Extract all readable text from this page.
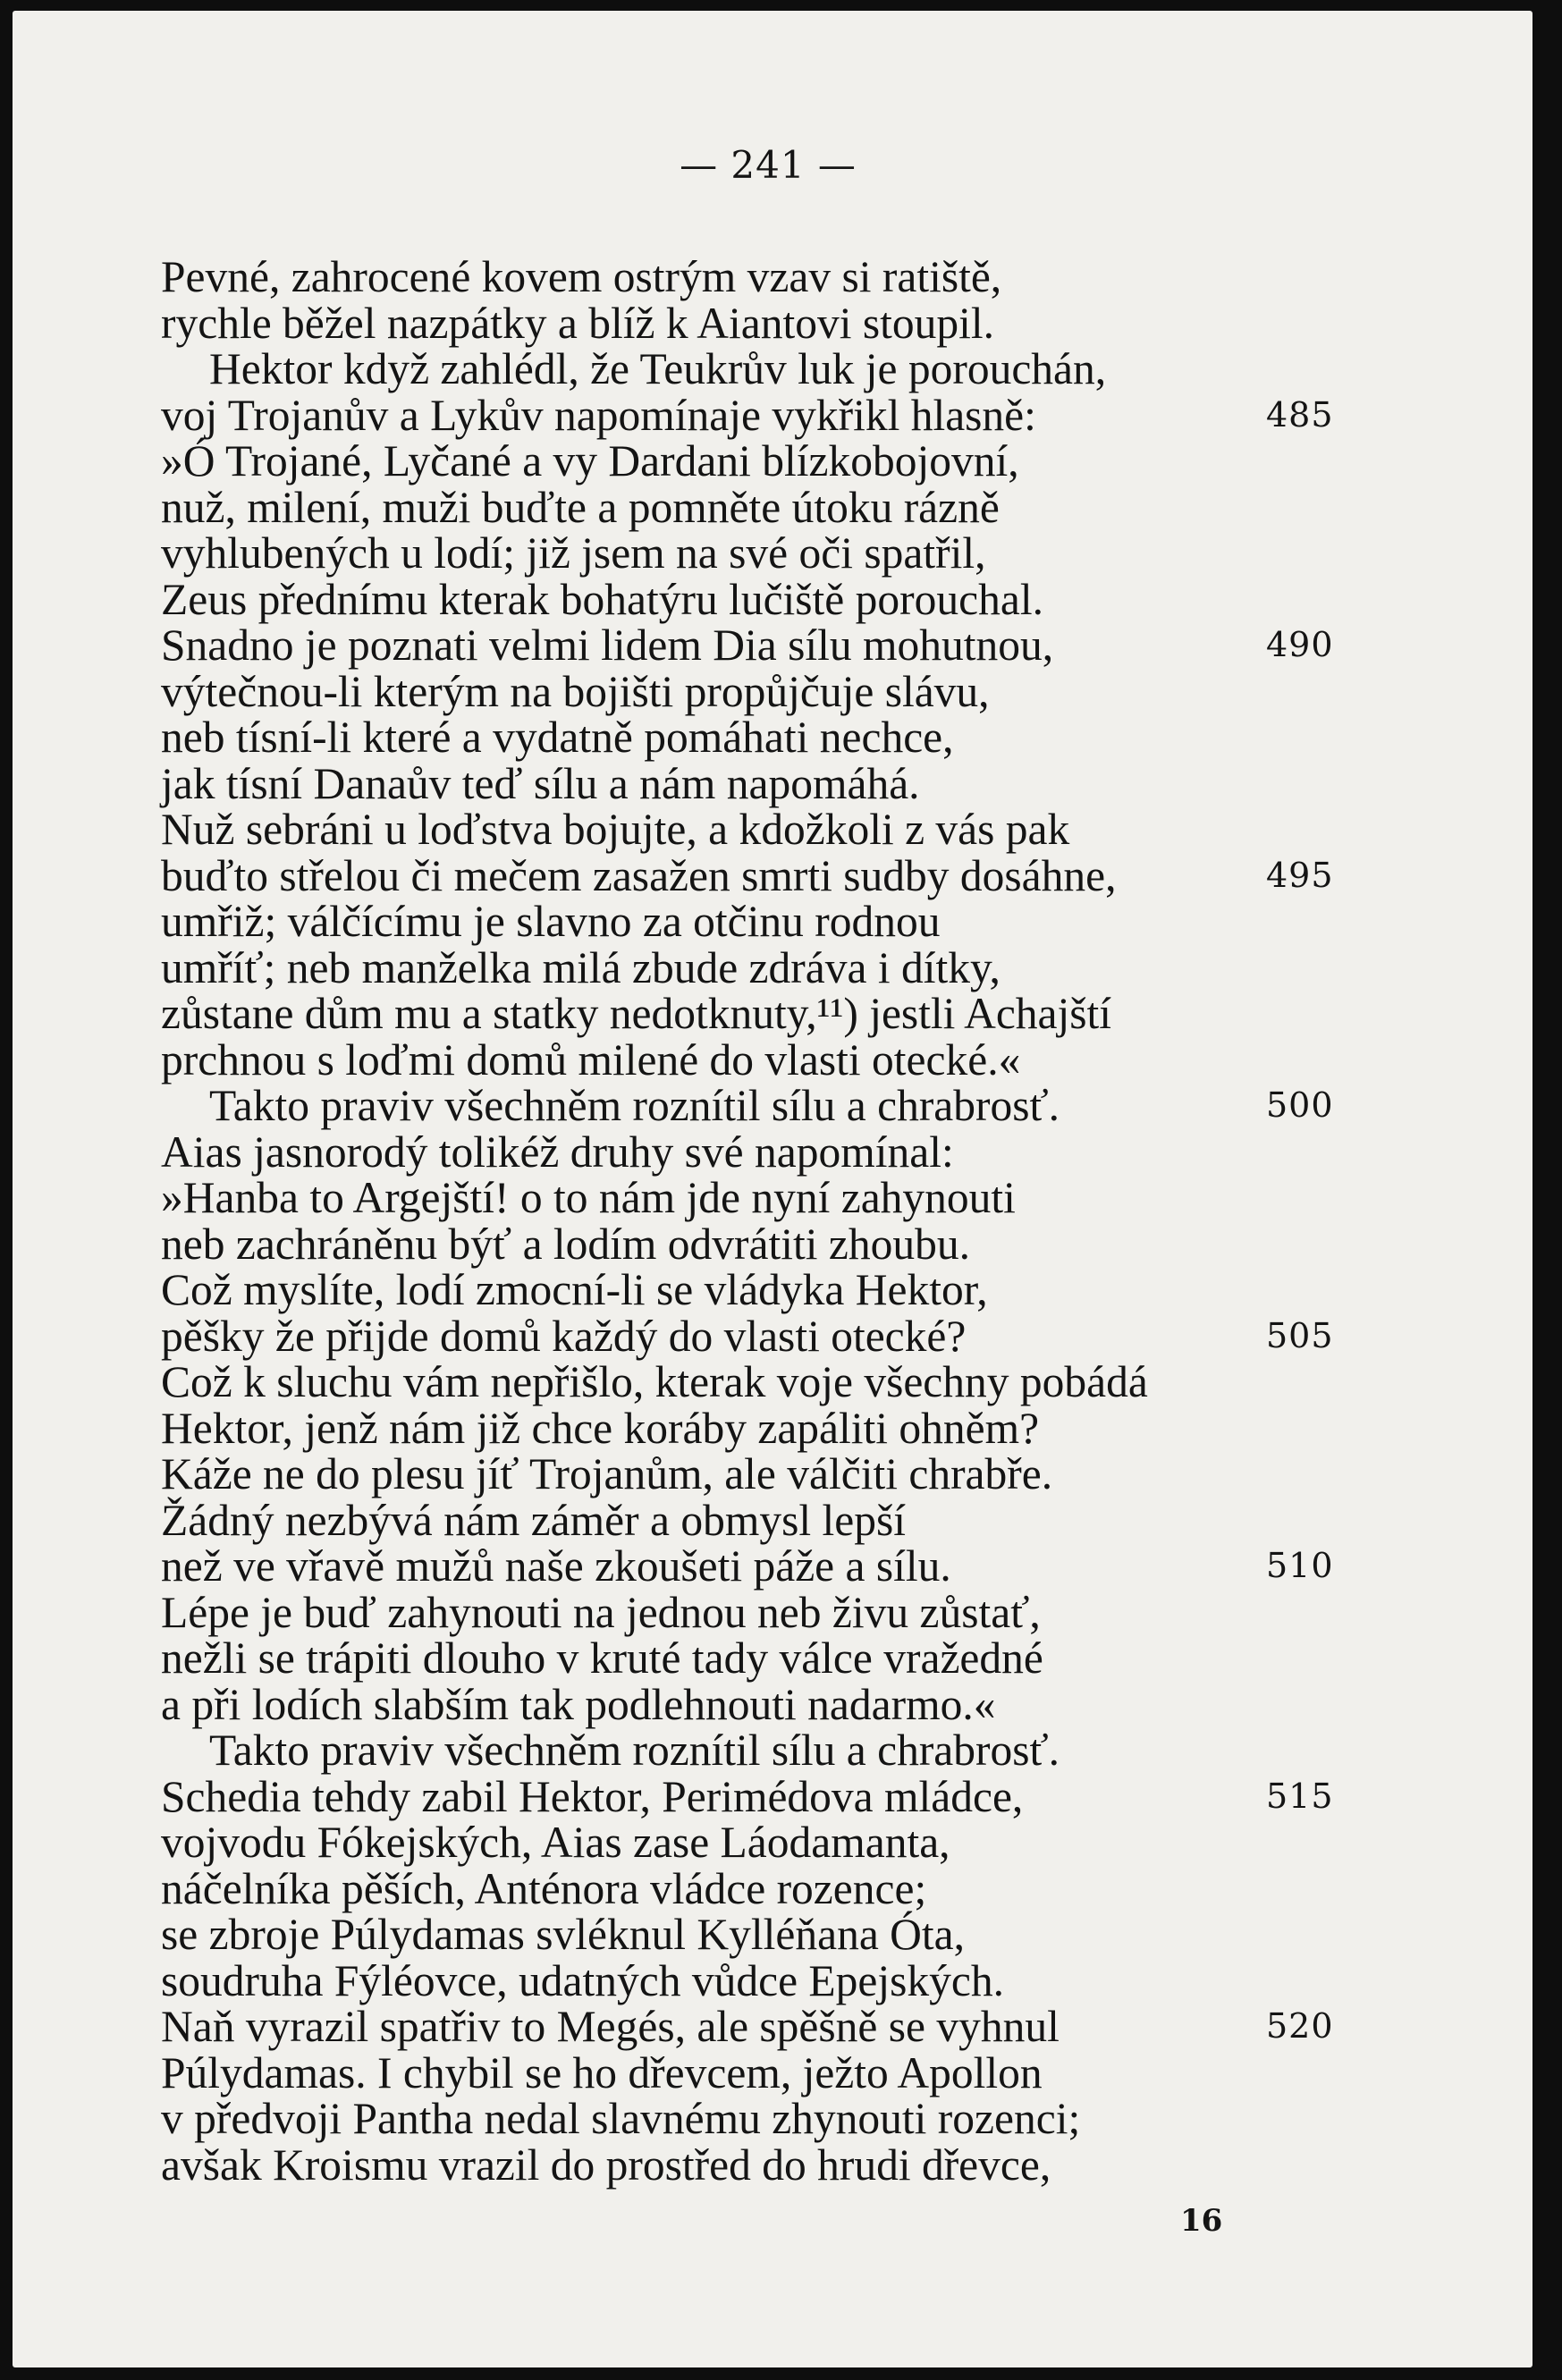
— 241 —
Pevné, zahrocené kovem ostrým vzav si ratiště,
rychle běžel nazpátky a blíž k Aiantovi stoupil.
Hektor když zahlédl, že Teukrův luk je porouchán,
voj Trojanův a Lykův napomínaje vykřikl hlasně:	485
»Ó Trojané, Lyčané a vy Dardani blízkobojovní,
nuž, milení, muži buďte a pomněte útoku rázně
vyhlubených u lodí; již jsem na své oči spatřil,
Zeus přednímu kterak bohatýru lučiště porouchal.
Snadno je poznati velmi lidem Dia sílu mohutnou,	490
výtečnou-li kterým na bojišti propůjčuje slávu,
neb tísní-li které a vydatně pomáhati nechce,
jak tísní Danaův teď sílu a nám napomáhá.
Nuž sebráni u loďstva bojujte, a kdožkoli z vás pak
buďto střelou či mečem zasažen smrti sudby dosáhne,	495
umřiž; válčícímu je slavno za otčinu rodnou
umříť; neb manželka milá zbude zdráva i dítky,
zůstane dům mu a statky nedotknuty,¹¹) jestli Achajští
prchnou s loďmi domů milené do vlasti otecké.«
Takto praviv všechněm roznítil sílu a chrabrosť.	500
Aias jasnorodý tolikéž druhy své napomínal:
»Hanba to Argejští! o to nám jde nyní zahynouti
neb zachráněnu býť a lodím odvrátiti zhoubu.
Což myslíte, lodí zmocní-li se vládyka Hektor,
pěšky že přijde domů každý do vlasti otecké?	505
Což k sluchu vám nepřišlo, kterak voje všechny pobádá
Hektor, jenž nám již chce koráby zapáliti ohněm?
Káže ne do plesu jíť Trojanům, ale válčiti chrabře.
Žádný nezbývá nám záměr a obmysl lepší
než ve vřavě mužů naše zkoušeti páže a sílu.	510
Lépe je buď zahynouti na jednou neb živu zůstať,
nežli se trápiti dlouho v kruté tady válce vražedné
a při lodích slabším tak podlehnouti nadarmo.«
Takto praviv všechněm roznítil sílu a chrabrosť.
Schedia tehdy zabil Hektor, Perimédova mládce,	515
vojvodu Fókejských, Aias zase Láodamanta,
náčelníka pěších, Anténora vládce rozence;
se zbroje Púlydamas svléknul Kylléňana Óta,
soudruha Fýléovce, udatných vůdce Epejských.
Naň vyrazil spatřiv to Megés, ale spěšně se vyhnul	520
Púlydamas. I chybil se ho dřevcem, ježto Apollon
v předvoji Pantha nedal slavnému zhynouti rozenci;
avšak Kroismu vrazil do prostřed do hrudi dřevce,
16
